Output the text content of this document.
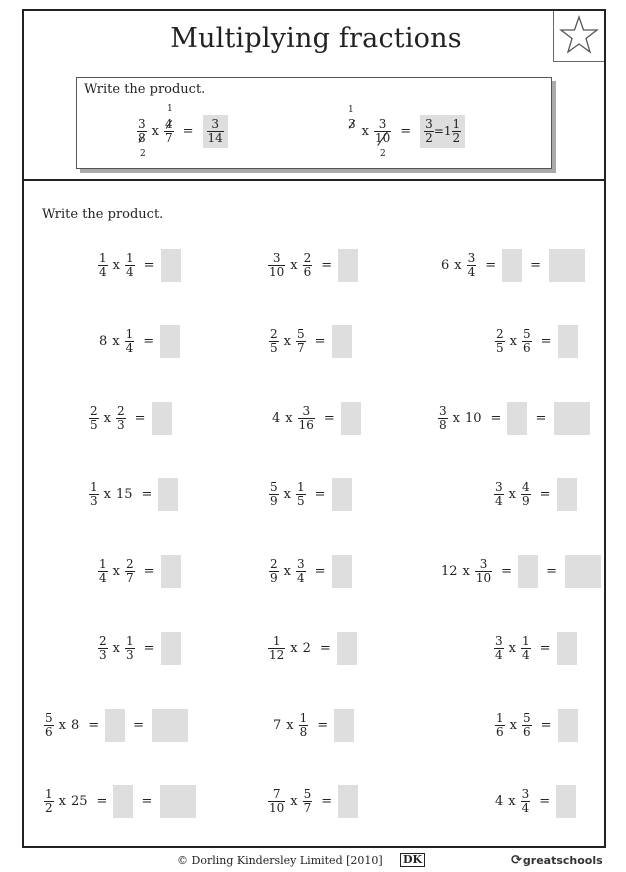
Multiplying fractions
Write the product.
3
8
2
x
1
4
$7 = \frac{3}{14}$
1
3 x 3
10
2
= $\frac{3}{2} =1 \frac{1}{2}$
Write the product.
$\frac{1}{4}$ x $\frac{1}{4}$ =	$\frac{3}{10}$ x $\frac{2}{6}$ =	6 x $\frac{3}{4}$ =	=
8 x $\frac{1}{4}$ =	$\frac{2}{5}$ x $\frac{5}{7}$ =	$\frac{2}{5}$ x $\frac{5}{6}$ =
$\frac{2}{5}$ x $\frac{2}{3}$ =	4 x $\frac{3}{16}$ =	$\frac{3}{8}$ x 10 =	=
$\frac{1}{3}$ x 15 =	$\frac{5}{9}$ x $\frac{1}{5}$ =	$\frac{3}{4}$ x $\frac{4}{9}$ =
$\frac{1}{4}$ x $\frac{2}{7}$ =	$\frac{2}{9}$ x $\frac{3}{4}$ =	12 x $\frac{3}{10}$ =	=
$\frac{2}{3}$ x $\frac{1}{3}$ =	$\frac{1}{12}$ x 2 =	$\frac{3}{4}$ x $\frac{1}{4}$ =
$\frac{5}{6}$ x 8 =	=	7 x $\frac{1}{8}$ =	$\frac{1}{6}$ x $\frac{5}{6}$ =
$\frac{1}{2}$ x 25 =	=	$\frac{7}{10}$ x $\frac{5}{7}$ =	4 x $\frac{3}{4}$ =
© Dorling Kindersley Limited [2010] DK	⟳greatschools
